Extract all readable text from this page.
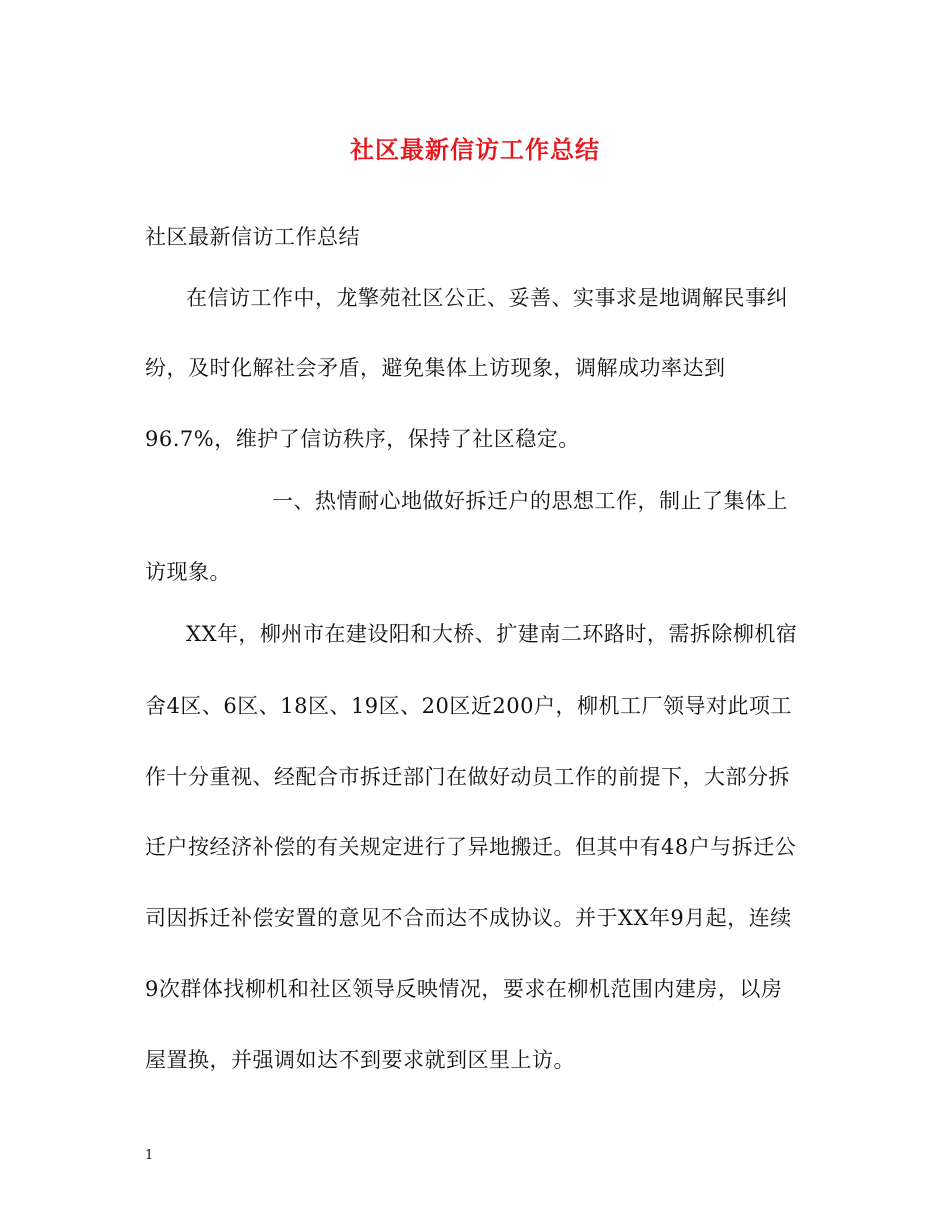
社区最新信访工作总结
社区最新信访工作总结
在信访工作中，龙擎苑社区公正、妥善、实事求是地调解民事纠
纷，及时化解社会矛盾，避免集体上访现象，调解成功率达到
96.7%，维护了信访秩序，保持了社区稳定。
一、热情耐心地做好拆迁户的思想工作，制止了集体上
访现象。
XX年，柳州市在建设阳和大桥、扩建南二环路时，需拆除柳机宿
舍4区、6区、18区、19区、20区近200户，柳机工厂领导对此项工
作十分重视、经配合市拆迁部门在做好动员工作的前提下，大部分拆
迁户按经济补偿的有关规定进行了异地搬迁。但其中有48户与拆迁公
司因拆迁补偿安置的意见不合而达不成协议。并于XX年9月起，连续
9次群体找柳机和社区领导反映情况，要求在柳机范围内建房，以房
屋置换，并强调如达不到要求就到区里上访。
1
